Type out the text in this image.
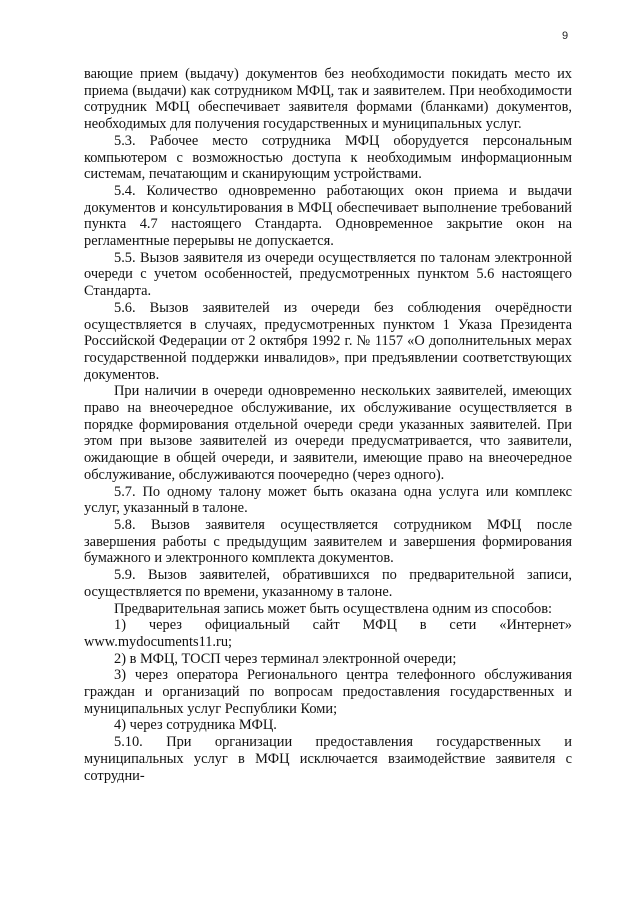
9

вающие прием (выдачу) документов без необходимости покидать место их приема (выдачи) как сотрудником МФЦ, так и заявителем. При необходимости сотрудник МФЦ обеспечивает заявителя формами (бланками) документов, необходимых для получения государственных и муниципальных услуг.

5.3. Рабочее место сотрудника МФЦ оборудуется персональным компьютером с возможностью доступа к необходимым информационным системам, печатающим и сканирующим устройствами.

5.4. Количество одновременно работающих окон приема и выдачи документов и консультирования в МФЦ обеспечивает выполнение требований пункта 4.7 настоящего Стандарта. Одновременное закрытие окон на регламентные перерывы не допускается.

5.5. Вызов заявителя из очереди осуществляется по талонам электронной очереди с учетом особенностей, предусмотренных пунктом 5.6 настоящего Стандарта.

5.6. Вызов заявителей из очереди без соблюдения очерёдности осуществляется в случаях, предусмотренных пунктом 1 Указа Президента Российской Федерации от 2 октября 1992 г. № 1157 «О дополнительных мерах государственной поддержки инвалидов», при предъявлении соответствующих документов.

При наличии в очереди одновременно нескольких заявителей, имеющих право на внеочередное обслуживание, их обслуживание осуществляется в порядке формирования отдельной очереди среди указанных заявителей. При этом при вызове заявителей из очереди предусматривается, что заявители, ожидающие в общей очереди, и заявители, имеющие право на внеочередное обслуживание, обслуживаются поочередно (через одного).

5.7. По одному талону может быть оказана одна услуга или комплекс услуг, указанный в талоне.

5.8. Вызов заявителя осуществляется сотрудником МФЦ после завершения работы с предыдущим заявителем и завершения формирования бумажного и электронного комплекта документов.

5.9. Вызов заявителей, обратившихся по предварительной записи, осуществляется по времени, указанному в талоне.

Предварительная запись может быть осуществлена одним из способов:

1) через официальный сайт МФЦ в сети «Интернет» www.mydocuments11.ru;

2) в МФЦ, ТОСП через терминал электронной очереди;

3) через оператора Регионального центра телефонного обслуживания граждан и организаций по вопросам предоставления государственных и муниципальных услуг Республики Коми;

4) через сотрудника МФЦ.

5.10. При организации предоставления государственных и муниципальных услуг в МФЦ исключается взаимодействие заявителя с сотрудни-
